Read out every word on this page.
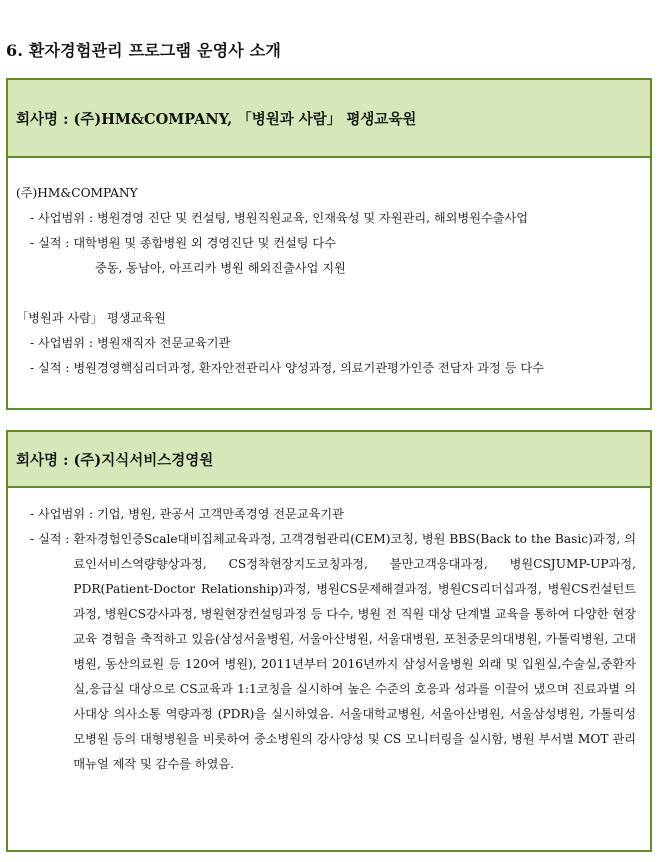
6. 환자경험관리 프로그램 운영사 소개
회사명 : (주)HM&COMPANY, 「병원과 사람」 평생교육원
(주)HM&COMPANY
- 사업범위 : 병원경영 진단 및 컨설팅, 병원직원교육, 인재육성 및 자원관리, 해외병원수출사업
- 실적 : 대학병원 및 종합병원 외 경영진단 및 컨설팅 다수
중동, 동남아, 아프리카 병원 해외진출사업 지원
「병원과 사람」 평생교육원
- 사업범위 : 병원재직자 전문교육기관
- 실적 : 병원경영핵심리더과정, 환자안전관리사 양성과정, 의료기관평가인증 전담자 과정 등 다수
회사명 : (주)지식서비스경영원
- 사업범위 : 기업, 병원, 관공서 고객만족경영 전문교육기관
- 실적 : 환자경험인증Scale대비집체교육과정, 고객경험관리(CEM)코칭, 병원 BBS(Back to the Basic)과정, 의료인서비스역량향상과정, CS정착현장지도코칭과정, 불만고객응대과정, 병원CSJUMP-UP과정, PDR(Patient-Doctor Relationship)과정, 병원CS문제해결과정, 병원CS리더십과정, 병원CS컨설턴트과정, 병원CS강사과정, 병원현장컨설팅과정 등 다수, 병원 전 직원 대상 단계별 교육을 통하여 다양한 현장교육 경험을 축적하고 있음(삼성서울병원, 서울아산병원, 서울대병원, 포천중문의대병원, 가톨릭병원, 고대병원, 동산의료원 등 120여 병원), 2011년부터 2016년까지 삼성서울병원 외래 및 입원실,수술실,중환자실,응급실 대상으로 CS교육과 1:1코칭을 실시하여 높은 수준의 호응과 성과를 이끌어 냈으며 진료과별 의사대상 의사소통 역량과정 (PDR)을 실시하였음. 서울대학교병원, 서울아산병원, 서울삼성병원, 가톨릭성모병원 등의 대형병원을 비롯하여 중소병원의 강사양성 및 CS 모니터링을 실시함, 병원 부서별 MOT 관리 매뉴얼 제작 및 감수를 하였음.
